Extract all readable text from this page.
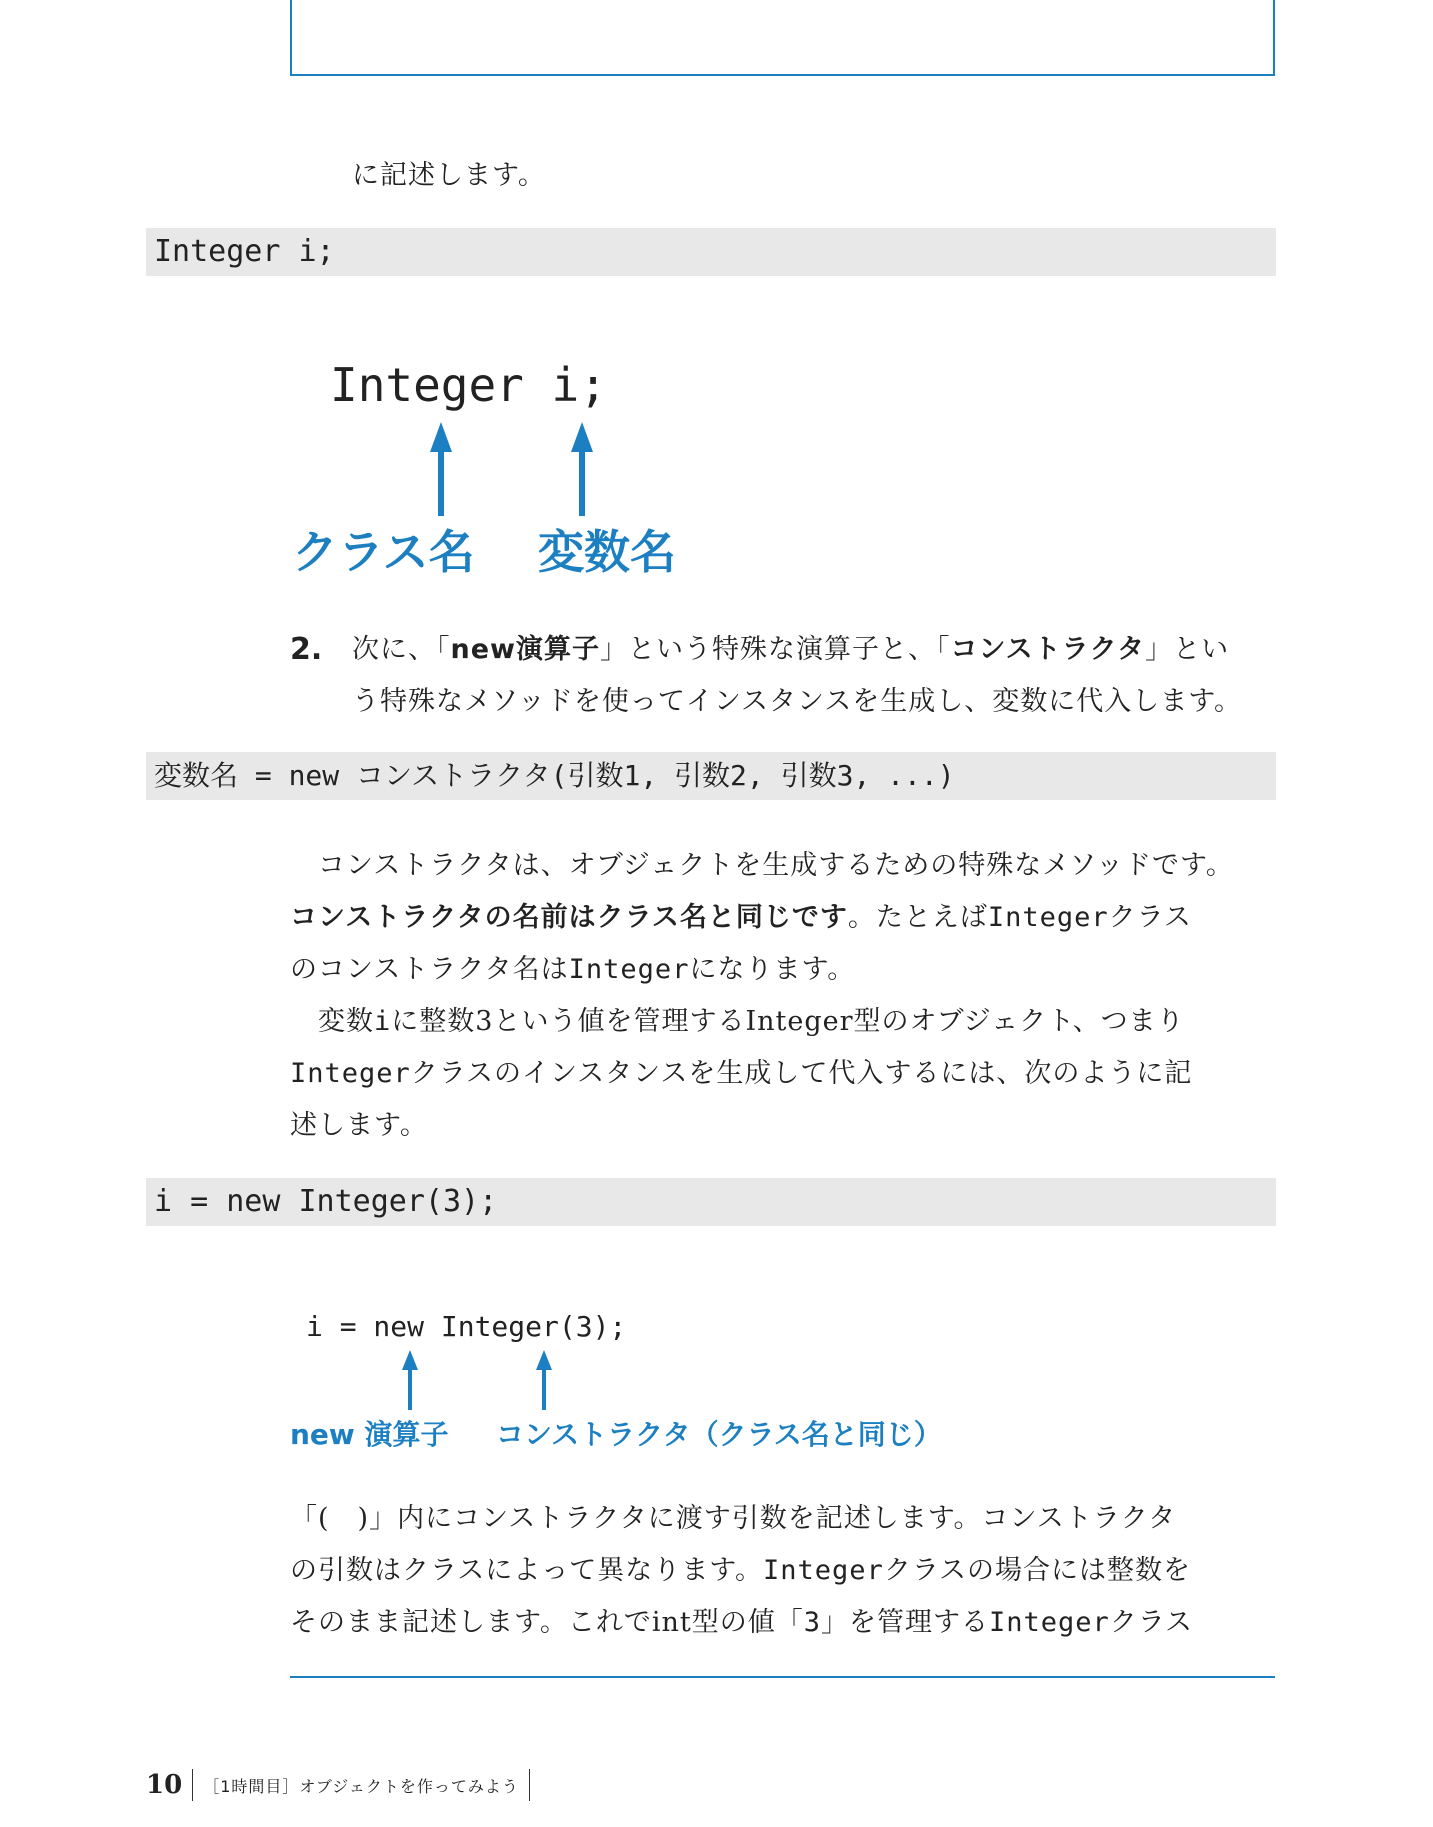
に記述します。
Integer i;
Integer i;
クラス名 変数名
2. 次に、「new演算子」という特殊な演算子と、「コンストラクタ」とい
う特殊なメソッドを使ってインスタンスを生成し、変数に代入します。
変数名 = new コンストラクタ(引数1, 引数2, 引数3, ...)
　コンストラクタは、オブジェクトを生成するための特殊なメソッドです。
コンストラクタの名前はクラス名と同じです。たとえばIntegerクラス
のコンストラクタ名はIntegerになります。
　変数iに整数3という値を管理するInteger型のオブジェクト、つまり
Integerクラスのインスタンスを生成して代入するには、次のように記
述します。
i = new Integer(3);
i = new Integer(3);
new 演算子 コンストラクタ（クラス名と同じ）
「(　)」内にコンストラクタに渡す引数を記述します。コンストラクタ
の引数はクラスによって異なります。Integerクラスの場合には整数を
そのまま記述します。これでint型の値「3」を管理するIntegerクラス
10 ［1時間目］オブジェクトを作ってみよう
